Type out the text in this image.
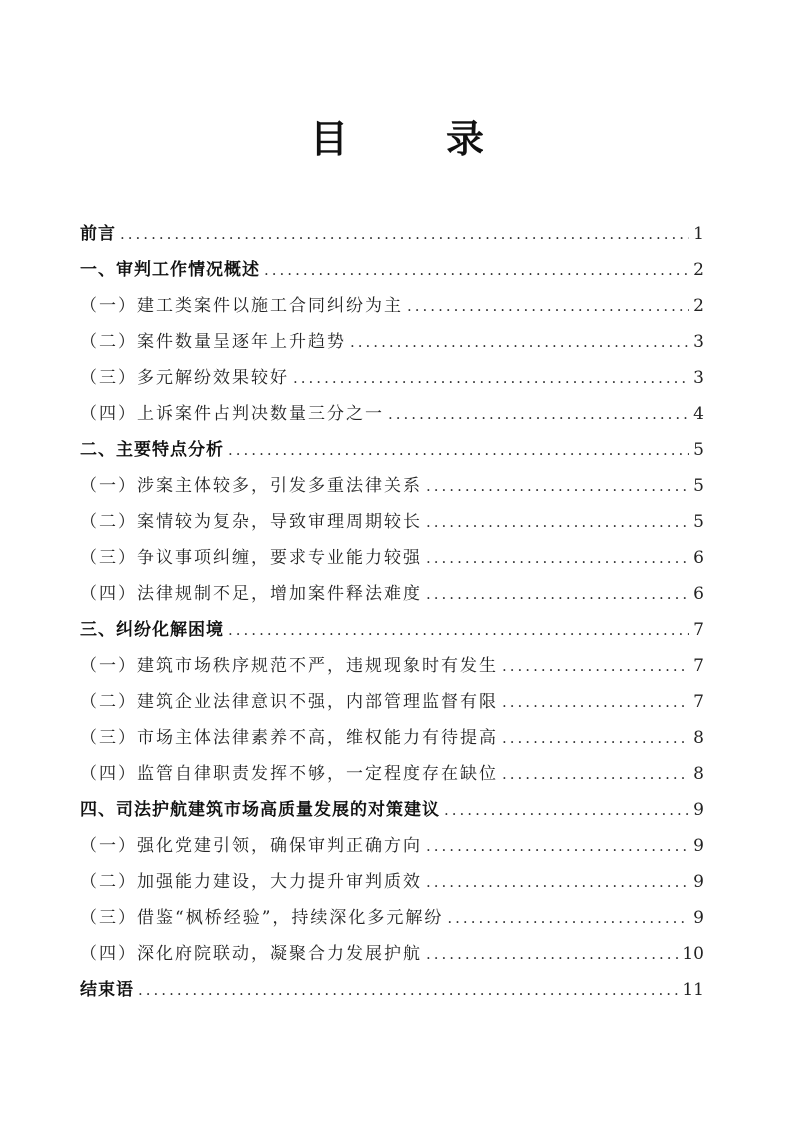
目　录
前言 .....	1
一、审判工作情况概述 .....	2
（一）建工类案件以施工合同纠纷为主 .....	2
（二）案件数量呈逐年上升趋势 .....	3
（三）多元解纷效果较好 .....	3
（四）上诉案件占判决数量三分之一 .....	4
二、主要特点分析 .....	5
（一）涉案主体较多，引发多重法律关系 .....	5
（二）案情较为复杂，导致审理周期较长 .....	5
（三）争议事项纠缠，要求专业能力较强 .....	6
（四）法律规制不足，增加案件释法难度 .....	6
三、纠纷化解困境 .....	7
（一）建筑市场秩序规范不严，违规现象时有发生 .....	7
（二）建筑企业法律意识不强，内部管理监督有限 .....	7
（三）市场主体法律素养不高，维权能力有待提高 .....	8
（四）监管自律职责发挥不够，一定程度存在缺位 .....	8
四、司法护航建筑市场高质量发展的对策建议 .....	9
（一）强化党建引领，确保审判正确方向 .....	9
（二）加强能力建设，大力提升审判质效 .....	9
（三）借鉴“枫桥经验”，持续深化多元解纷 .....	9
（四）深化府院联动，凝聚合力发展护航 .....	10
结束语 .....	11
